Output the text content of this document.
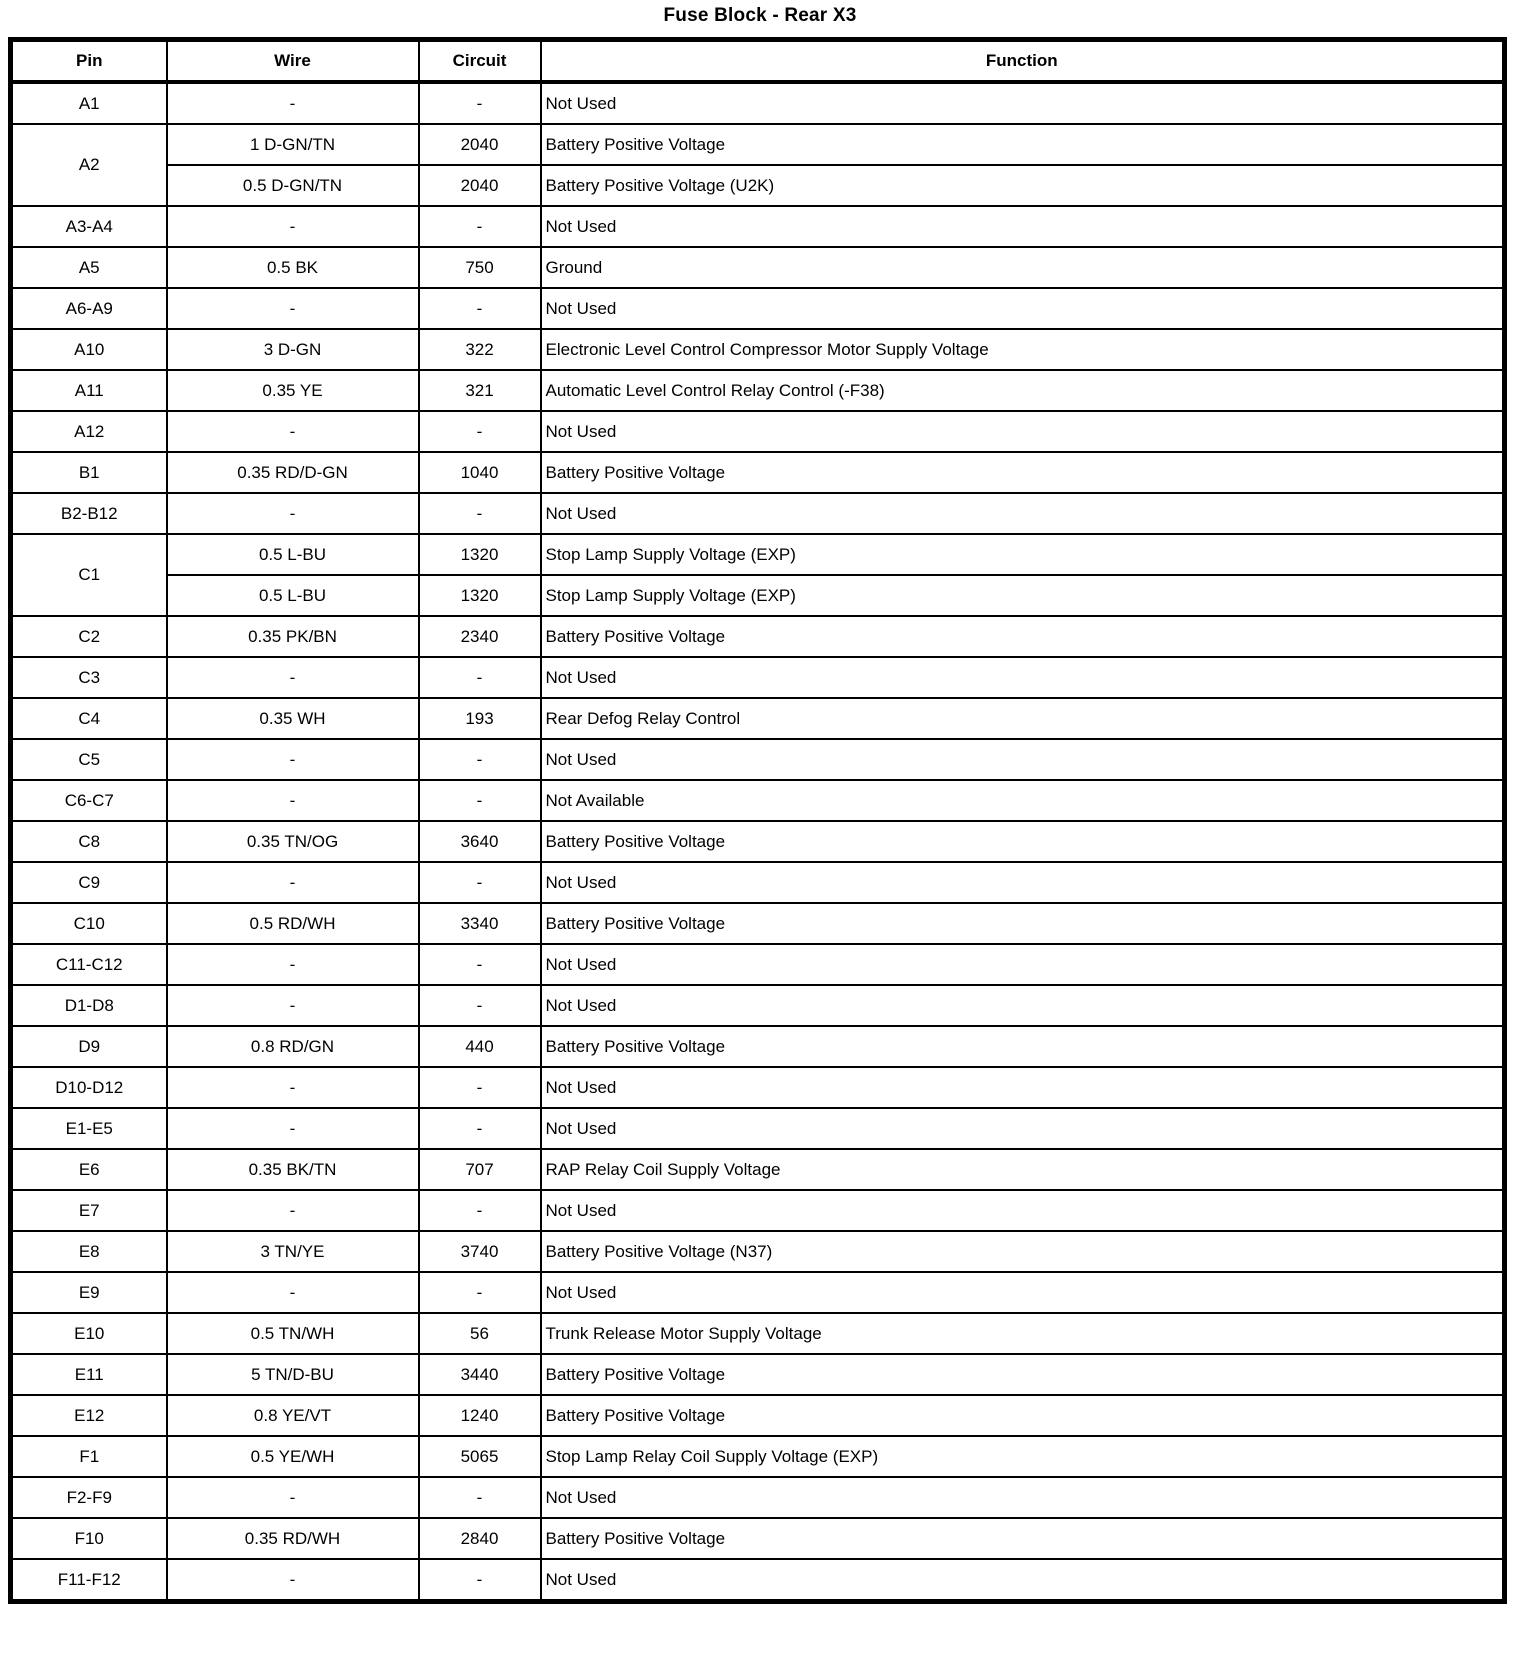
Fuse Block - Rear X3
Pin	Wire	Circuit	Function
A1	-	-	Not Used
A2	1 D-GN/TN	2040	Battery Positive Voltage
	0.5 D-GN/TN	2040	Battery Positive Voltage (U2K)
A3-A4	-	-	Not Used
A5	0.5 BK	750	Ground
A6-A9	-	-	Not Used
A10	3 D-GN	322	Electronic Level Control Compressor Motor Supply Voltage
A11	0.35 YE	321	Automatic Level Control Relay Control (-F38)
A12	-	-	Not Used
B1	0.35 RD/D-GN	1040	Battery Positive Voltage
B2-B12	-	-	Not Used
C1	0.5 L-BU	1320	Stop Lamp Supply Voltage (EXP)
	0.5 L-BU	1320	Stop Lamp Supply Voltage (EXP)
C2	0.35 PK/BN	2340	Battery Positive Voltage
C3	-	-	Not Used
C4	0.35 WH	193	Rear Defog Relay Control
C5	-	-	Not Used
C6-C7	-	-	Not Available
C8	0.35 TN/OG	3640	Battery Positive Voltage
C9	-	-	Not Used
C10	0.5 RD/WH	3340	Battery Positive Voltage
C11-C12	-	-	Not Used
D1-D8	-	-	Not Used
D9	0.8 RD/GN	440	Battery Positive Voltage
D10-D12	-	-	Not Used
E1-E5	-	-	Not Used
E6	0.35 BK/TN	707	RAP Relay Coil Supply Voltage
E7	-	-	Not Used
E8	3 TN/YE	3740	Battery Positive Voltage (N37)
E9	-	-	Not Used
E10	0.5 TN/WH	56	Trunk Release Motor Supply Voltage
E11	5 TN/D-BU	3440	Battery Positive Voltage
E12	0.8 YE/VT	1240	Battery Positive Voltage
F1	0.5 YE/WH	5065	Stop Lamp Relay Coil Supply Voltage (EXP)
F2-F9	-	-	Not Used
F10	0.35 RD/WH	2840	Battery Positive Voltage
F11-F12	-	-	Not Used
